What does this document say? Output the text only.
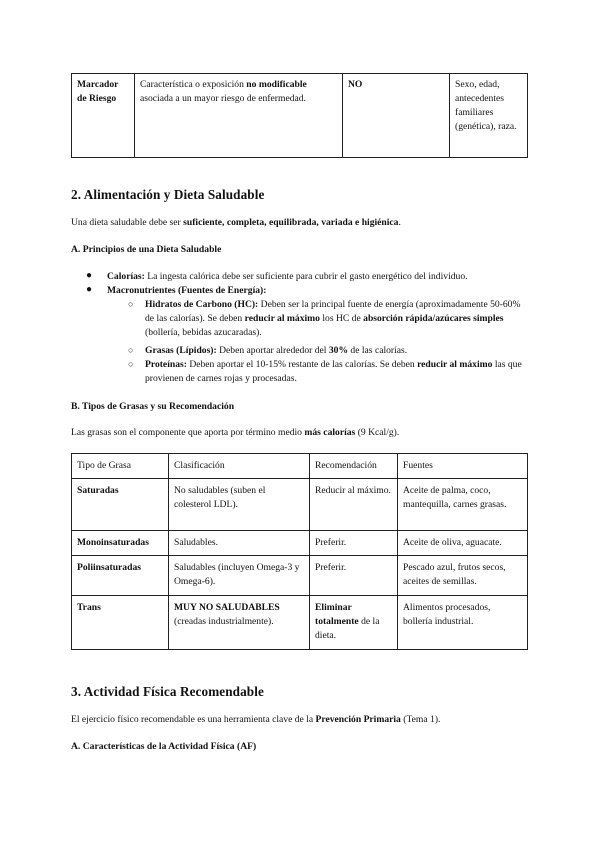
Marcador de Riesgo	Característica o exposición no modificable asociada a un mayor riesgo de enfermedad.	NO	Sexo, edad, antecedentes familiares (genética), raza.
2. Alimentación y Dieta Saludable
Una dieta saludable debe ser suficiente, completa, equilibrada, variada e higiénica.
A. Principios de una Dieta Saludable
● Calorías: La ingesta calórica debe ser suficiente para cubrir el gasto energético del individuo.
● Macronutrientes (Fuentes de Energía):
○ Hidratos de Carbono (HC): Deben ser la principal fuente de energía (aproximadamente 50-60% de las calorías). Se deben reducir al máximo los HC de absorción rápida/azúcares simples (bollería, bebidas azucaradas).
○ Grasas (Lípidos): Deben aportar alrededor del 30% de las calorías.
○ Proteínas: Deben aportar el 10-15% restante de las calorías. Se deben reducir al máximo las que provienen de carnes rojas y procesadas.
B. Tipos de Grasas y su Recomendación
Las grasas son el componente que aporta por término medio más calorías (9 Kcal/g).
Tipo de Grasa	Clasificación	Recomendación	Fuentes
Saturadas	No saludables (suben el colesterol LDL).	Reducir al máximo.	Aceite de palma, coco, mantequilla, carnes grasas.
Monoinsaturadas	Saludables.	Preferir.	Aceite de oliva, aguacate.
Poliinsaturadas	Saludables (incluyen Omega-3 y Omega-6).	Preferir.	Pescado azul, frutos secos, aceites de semillas.
Trans	MUY NO SALUDABLES (creadas industrialmente).	Eliminar totalmente de la dieta.	Alimentos procesados, bollería industrial.
3. Actividad Física Recomendable
El ejercicio físico recomendable es una herramienta clave de la Prevención Primaria (Tema 1).
A. Características de la Actividad Física (AF)
